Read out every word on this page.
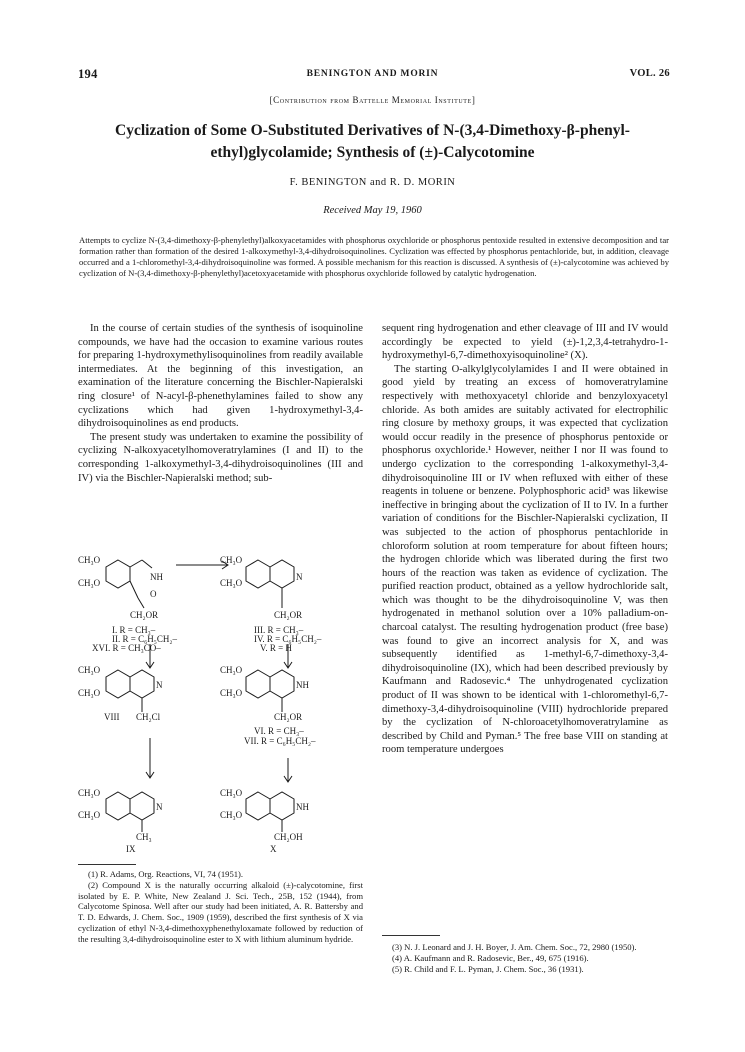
194	BENINGTON AND MORIN	VOL. 26
[Contribution from Battelle Memorial Institute]
Cyclization of Some O-Substituted Derivatives of N-(3,4-Dimethoxy-β-phenyl-
ethyl)glycolamide; Synthesis of (±)-Calycotomine
F. BENINGTON and R. D. MORIN
Received May 19, 1960
Attempts to cyclize N-(3,4-dimethoxy-β-phenylethyl)alkoxyacetamides with phosphorus oxychloride or phosphorus pentoxide resulted in extensive decomposition and tar formation rather than formation of the desired 1-alkoxymethyl-3,4-dihydroisoquinolines. Cyclization was effected by phosphorus pentachloride, but, in addition, cleavage occurred and a 1-chloromethyl-3,4-dihydroisoquinoline was formed. A possible mechanism for this reaction is discussed. A synthesis of (±)-calycotomine was achieved by cyclization of N-(3,4-dimethoxy-β-phenylethyl)acetoxyacetamide with phosphorus oxychloride followed by catalytic hydrogenation.

In the course of certain studies of the synthesis of isoquinoline compounds, we have had the occasion to examine various routes for preparing 1-hydroxymethylisoquinolines from readily available intermediates. At the beginning of this investigation, an examination of the literature concerning the Bischler-Napieralski ring closure¹ of N-acyl-β-phenethylamines failed to show any cyclizations which had given 1-hydroxymethyl-3,4-dihydroisoquinolines as end products.

The present study was undertaken to examine the possibility of cyclizing N-alkoxyacetylhomoveratrylamines (I and II) to the corresponding 1-alkoxymethyl-3,4-dihydroisoquinolines (III and IV) via the Bischler-Napieralski method; sub-

CH₃O
CH₃O
NH
O
CH₂OR
I. R = CH₃–
II. R = C₆H₅CH₂–
XVI. R = CH₃CO–
CH₃O
CH₃O
N
CH₂OR
III. R = CH₃–
IV. R = C₆H₅CH₂–
V. R = H
CH₃O
CH₃O
N
VIII CH₂Cl
CH₃O
CH₃O
NH
CH₂OR
VI. R = CH₃–
VII. R = C₆H₅CH₂–
CH₃O
CH₃O
N
CH₃
IX
CH₃O
CH₃O
NH
CH₂OH
X

(1) R. Adams, Org. Reactions, VI, 74 (1951).

(2) Compound X is the naturally occurring alkaloid (±)-calycotomine, first isolated by E. P. White, New Zealand J. Sci. Tech., 25B, 152 (1944), from Calycotome Spinosa. Well after our study had been initiated, A. R. Battersby and T. D. Edwards, J. Chem. Soc., 1909 (1959), described the first synthesis of X via cyclization of ethyl N-3,4-dimethoxyphenethyloxamate followed by reduction of the resulting 3,4-dihydroisoquinoline ester to X with lithium aluminum hydride.

sequent ring hydrogenation and ether cleavage of III and IV would accordingly be expected to yield (±)-1,2,3,4-tetrahydro-1-hydroxymethyl-6,7-dimethoxyisoquinoline² (X).

The starting O-alkylglycolylamides I and II were obtained in good yield by treating an excess of homoveratrylamine respectively with methoxyacetyl chloride and benzyloxyacetyl chloride. As both amides are suitably activated for electrophilic ring closure by methoxy groups, it was expected that cyclization would occur readily in the presence of phosphorus pentoxide or phosphorus oxychloride.¹ However, neither I nor II was found to undergo cyclization to the corresponding 1-alkoxymethyl-3,4-dihydroisoquinoline III or IV when refluxed with either of these reagents in toluene or benzene. Polyphosphoric acid³ was likewise ineffective in bringing about the cyclization of II to IV. In a further variation of conditions for the Bischler-Napieralski cyclization, II was subjected to the action of phosphorus pentachloride in chloroform solution at room temperature for about fifteen hours; the hydrogen chloride which was liberated during the first two hours of the reaction was taken as evidence of cyclization. The purified reaction product, obtained as a yellow hydrochloride salt, which was thought to be the dihydroisoquinoline V, was then hydrogenated in methanol solution over a 10% palladium-on-charcoal catalyst. The resulting hydrogenation product (free base) was found to give an incorrect analysis for X, and was subsequently identified as 1-methyl-6,7-dimethoxy-3,4-dihydroisoquinoline (IX), which had been described previously by Kaufmann and Radosevic.⁴ The unhydrogenated cyclization product of II was shown to be identical with 1-chloromethyl-6,7-dimethoxy-3,4-dihydroisoquinoline (VIII) hydrochloride prepared by the cyclization of N-chloroacetylhomoveratrylamine as described by Child and Pyman.⁵ The free base VIII on standing at room temperature undergoes

(3) N. J. Leonard and J. H. Boyer, J. Am. Chem. Soc., 72, 2980 (1950).

(4) A. Kaufmann and R. Radosevic, Ber., 49, 675 (1916).

(5) R. Child and F. L. Pyman, J. Chem. Soc., 36 (1931).
